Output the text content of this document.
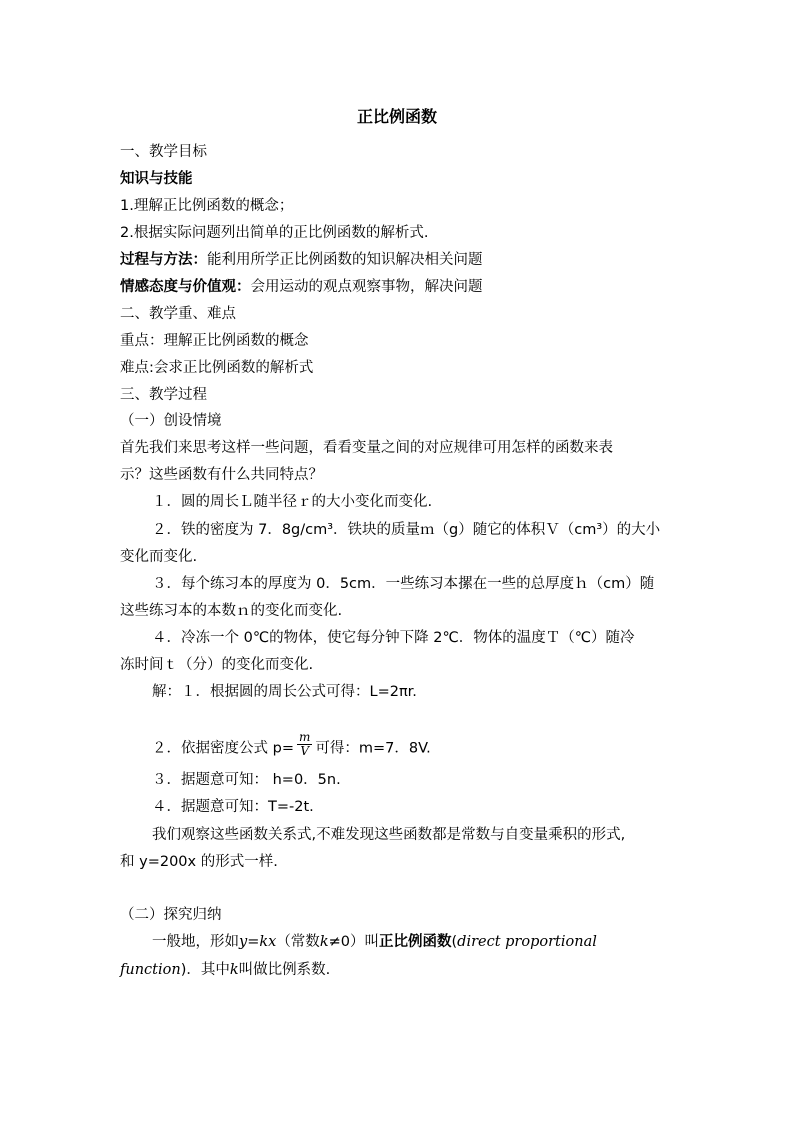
正比例函数
一、教学目标
知识与技能
1.理解正比例函数的概念；
2.根据实际问题列出简单的正比例函数的解析式.
过程与方法：能利用所学正比例函数的知识解决相关问题
情感态度与价值观：会用运动的观点观察事物，解决问题
二、教学重、难点
重点：理解正比例函数的概念
难点:会求正比例函数的解析式
三、教学过程
（一）创设情境
首先我们来思考这样一些问题，看看变量之间的对应规律可用怎样的函数来表
示？这些函数有什么共同特点？
１．圆的周长Ｌ随半径ｒ的大小变化而变化.
２．铁的密度为 7．8g/cm³．铁块的质量ｍ（g）随它的体积Ｖ（cm³）的大小
变化而变化.
３．每个练习本的厚度为 0．5cm．一些练习本摞在一些的总厚度ｈ（cm）随
这些练习本的本数ｎ的变化而变化.
４．冷冻一个 0℃的物体，使它每分钟下降 2℃．物体的温度Ｔ（℃）随冷
冻时间ｔ（分）的变化而变化.
解：１．根据圆的周长公式可得：L=2πr.
２．依据密度公式 $p= \frac{m}{V}$ 可得：m=7．8V.
３．据题意可知： h=0．5n.
４．据题意可知：T=-2t.
我们观察这些函数关系式,不难发现这些函数都是常数与自变量乘积的形式,
和 y=200x 的形式一样.
（二）探究归纳
一般地，形如y=kx（常数k≠0）叫正比例函数(direct proportional
function)．其中k叫做比例系数.
